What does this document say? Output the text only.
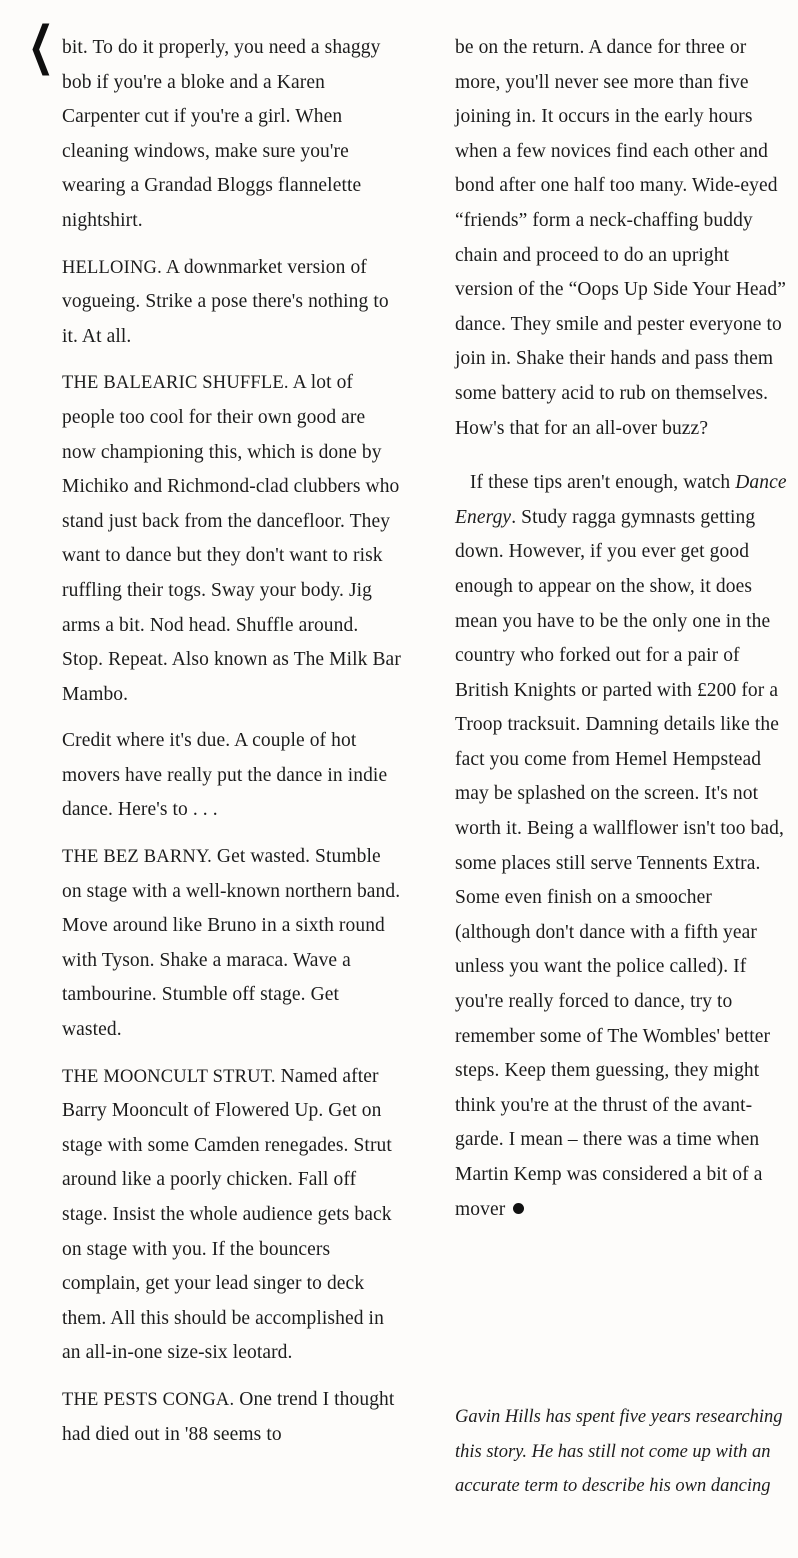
❮ bit. To do it properly, you need a shaggy bob if you're a bloke and a Karen Carpenter cut if you're a girl. When cleaning windows, make sure you're wearing a Grandad Bloggs flannelette nightshirt.

HELLOING. A downmarket version of vogueing. Strike a pose there's nothing to it. At all.

THE BALEARIC SHUFFLE. A lot of people too cool for their own good are now championing this, which is done by Michiko and Richmond-clad clubbers who stand just back from the dancefloor. They want to dance but they don't want to risk ruffling their togs. Sway your body. Jig arms a bit. Nod head. Shuffle around. Stop. Repeat. Also known as The Milk Bar Mambo.

Credit where it's due. A couple of hot movers have really put the dance in indie dance. Here's to . . .

THE BEZ BARNY. Get wasted. Stumble on stage with a well-known northern band. Move around like Bruno in a sixth round with Tyson. Shake a maraca. Wave a tambourine. Stumble off stage. Get wasted.

THE MOONCULT STRUT. Named after Barry Mooncult of Flowered Up. Get on stage with some Camden renegades. Strut around like a poorly chicken. Fall off stage. Insist the whole audience gets back on stage with you. If the bouncers complain, get your lead singer to deck them. All this should be accomplished in an all-in-one size-six leotard.

THE PESTS CONGA. One trend I thought had died out in '88 seems to

be on the return. A dance for three or more, you'll never see more than five joining in. It occurs in the early hours when a few novices find each other and bond after one half too many. Wide-eyed “friends” form a neck-chaffing buddy chain and proceed to do an upright version of the “Oops Up Side Your Head” dance. They smile and pester everyone to join in. Shake their hands and pass them some battery acid to rub on themselves. How's that for an all-over buzz?

If these tips aren't enough, watch Dance Energy. Study ragga gymnasts getting down. However, if you ever get good enough to appear on the show, it does mean you have to be the only one in the country who forked out for a pair of British Knights or parted with £200 for a Troop tracksuit. Damning details like the fact you come from Hemel Hempstead may be splashed on the screen. It's not worth it. Being a wallflower isn't too bad, some places still serve Tennents Extra. Some even finish on a smoocher (although don't dance with a fifth year unless you want the police called). If you're really forced to dance, try to remember some of The Wombles' better steps. Keep them guessing, they might think you're at the thrust of the avant-garde. I mean – there was a time when Martin Kemp was considered a bit of a mover

Gavin Hills has spent five years researching this story. He has still not come up with an accurate term to describe his own dancing
